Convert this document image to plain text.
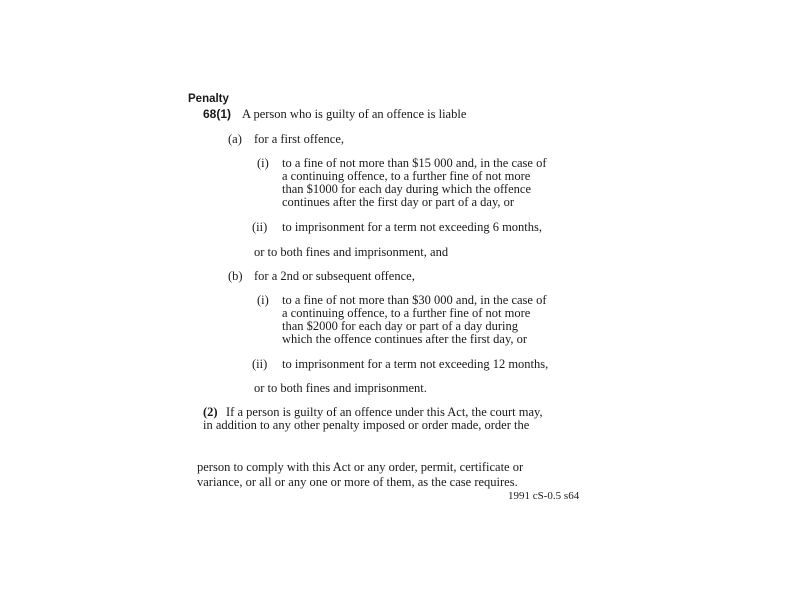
Penalty
68(1) A person who is guilty of an offence is liable
(a) for a first offence,
(i) to a fine of not more than $15 000 and, in the case of
a continuing offence, to a further fine of not more
than $1000 for each day during which the offence
continues after the first day or part of a day, or
(ii) to imprisonment for a term not exceeding 6 months,
or to both fines and imprisonment, and
(b) for a 2nd or subsequent offence,
(i) to a fine of not more than $30 000 and, in the case of
a continuing offence, to a further fine of not more
than $2000 for each day or part of a day during
which the offence continues after the first day, or
(ii) to imprisonment for a term not exceeding 12 months,
or to both fines and imprisonment.
(2) If a person is guilty of an offence under this Act, the court may,
in addition to any other penalty imposed or order made, order the
person to comply with this Act or any order, permit, certificate or
variance, or all or any one or more of them, as the case requires.
1991 cS-0.5 s64
